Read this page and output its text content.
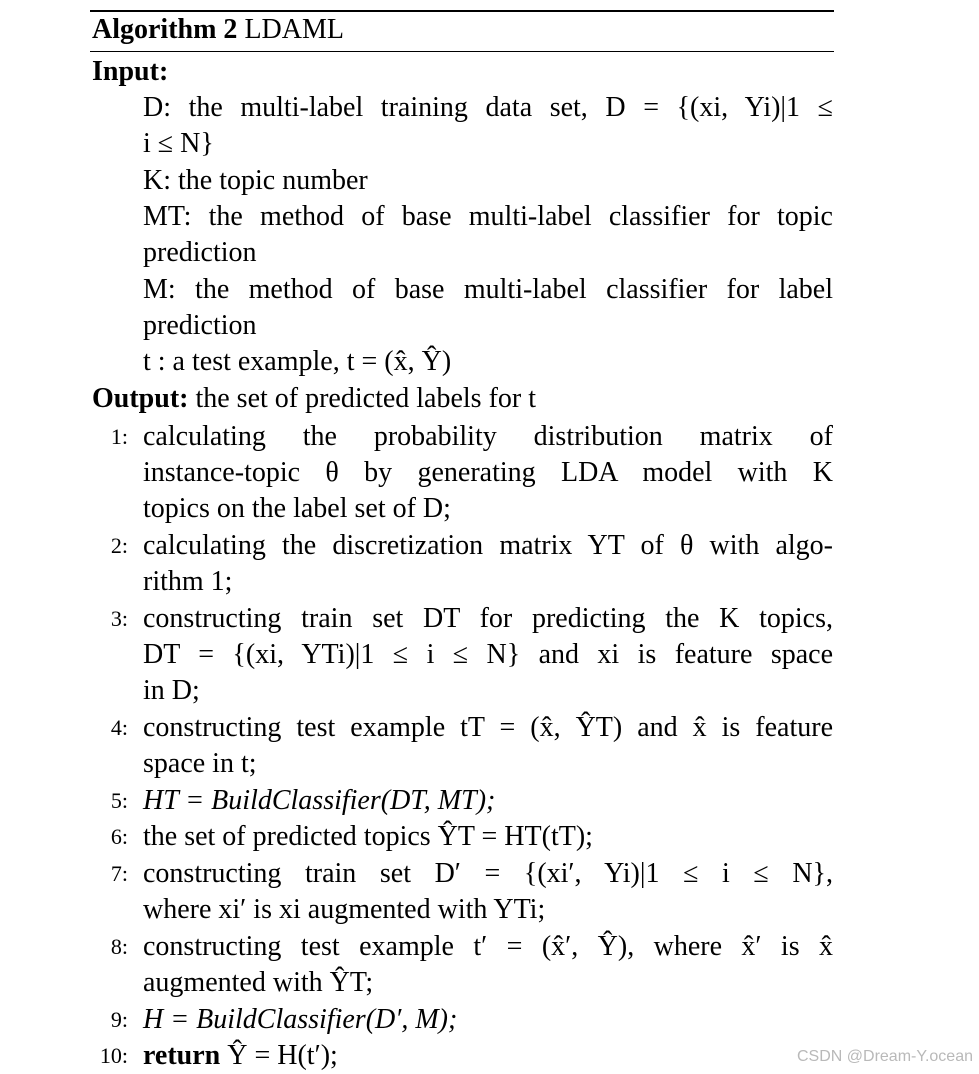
Algorithm 2 LDAML
Input:
D: the multi-label training data set, D = {(xi, Yi)|1 ≤
i ≤ N}
K: the topic number
MT: the method of base multi-label classifier for topic
prediction
M: the method of base multi-label classifier for label
prediction
t : a test example, t = (x̂, Ŷ)
Output: the set of predicted labels for t
1: calculating the probability distribution matrix of
instance-topic θ by generating LDA model with K
topics on the label set of D;
2: calculating the discretization matrix YT of θ with algo-
rithm 1;
3: constructing train set DT for predicting the K topics,
DT = {(xi, YTi)|1 ≤ i ≤ N} and xi is feature space
in D;
4: constructing test example tT = (x̂, ŶT) and x̂ is feature
space in t;
5: HT = BuildClassifier(DT, MT);
6: the set of predicted topics ŶT = HT(tT);
7: constructing train set D′ = {(xi′, Yi)|1 ≤ i ≤ N},
where xi′ is xi augmented with YTi;
8: constructing test example t′ = (x̂′, Ŷ), where x̂′ is x̂
augmented with ŶT;
9: H = BuildClassifier(D′, M);
10: return Ŷ = H(t′);	CSDN @Dream-Y.ocean
